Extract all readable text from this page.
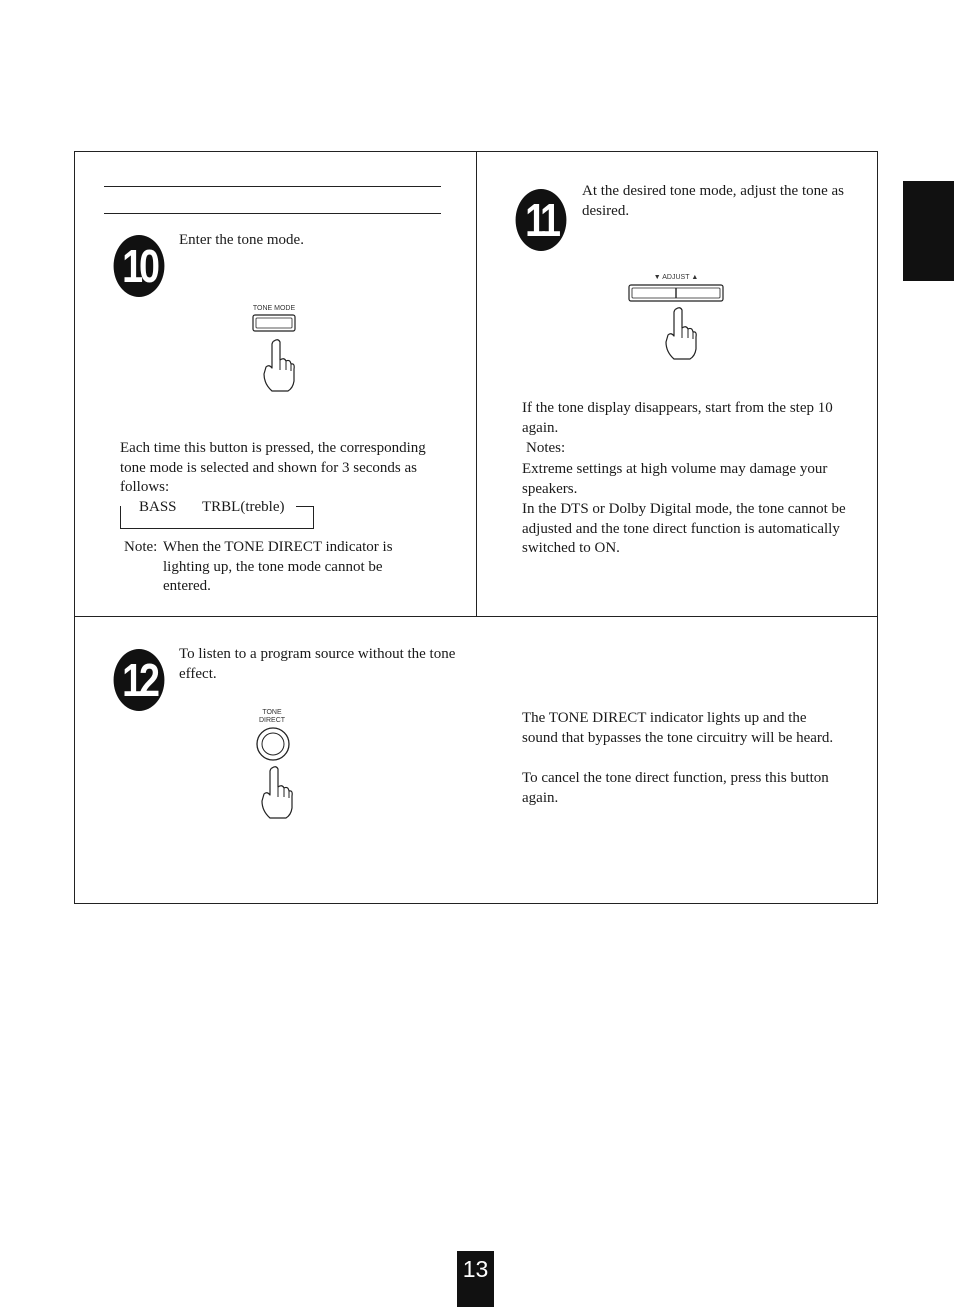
10	Enter the tone mode.
TONE MODE
Each time this button is pressed, the corresponding tone mode is selected and shown for 3 seconds as follows:
BASS TRBL(treble)
Note: When the TONE DIRECT indicator is lighting up, the tone mode cannot be entered.
11
At the desired tone mode, adjust the tone as desired.
▼ ADJUST ▲
If the tone display disappears, start from the step 10 again.
Notes:
Extreme settings at high volume may damage your speakers.
In the DTS or Dolby Digital mode, the tone cannot be adjusted and the tone direct function is automatically switched to ON.
12	To listen to a program source without the tone effect.
TONE
DIRECT	The TONE DIRECT indicator lights up and the sound that bypasses the tone circuitry will be heard.
To cancel the tone direct function, press this button again.
13
